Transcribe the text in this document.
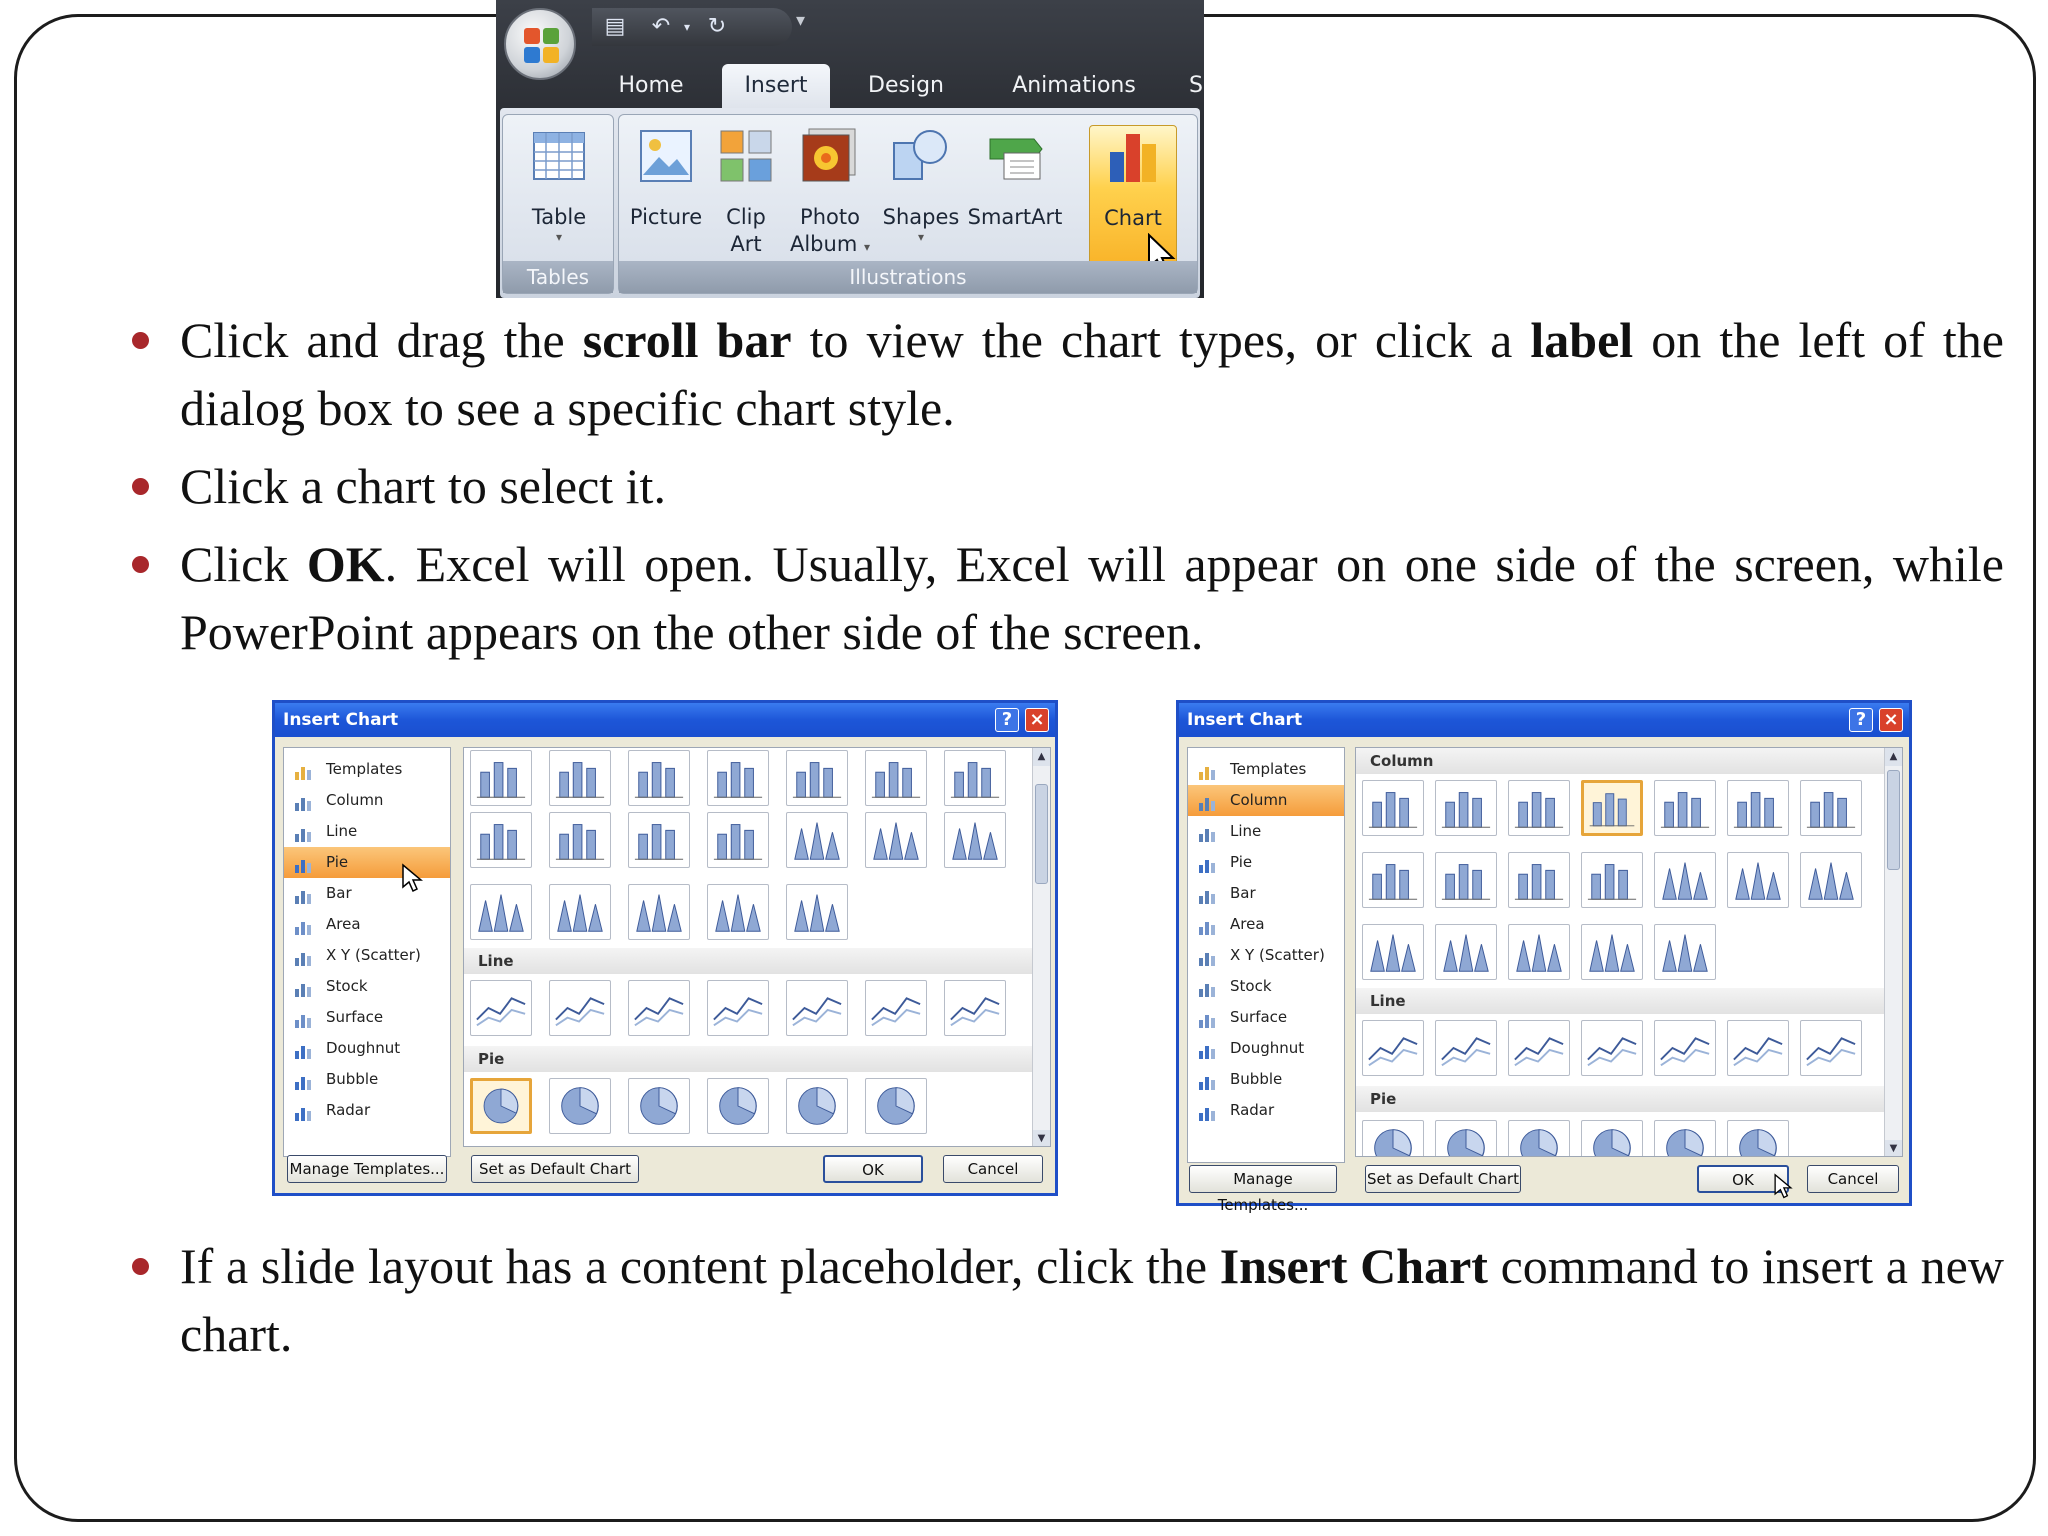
▤ ↶	▾ ↻	▾
Home	Insert	Design	Animations	S
Table
▾
Tables
Picture	Clip
Art
Photo
Album ▾
Shapes
▾
SmartArt	Chart
Illustrations

Click and drag the scroll bar to view the chart types, or click a label on the left of the dialog box to see a specific chart style.

Click a chart to select it.

Click OK. Excel will open. Usually, Excel will appear on one side of the screen, while PowerPoint appears on the other side of the screen.

Insert Chart	? ×
Templates
Column
Line
Pie
Bar
Area
X Y (Scatter)
Stock
Surface
Doughnut
Bubble
Radar
Line
Pie
▲
▼
Manage Templates...	Set as Default Chart	OK	Cancel
Insert Chart	? ×
Templates
Column
Line
Pie
Bar
Area
X Y (Scatter)
Stock
Surface
Doughnut
Bubble
Radar
Column
Line
Pie
▲
▼
Manage Templates...
Set as Default Chart	OK	Cancel

If a slide layout has a content placeholder, click the Insert Chart command to insert a new chart.
